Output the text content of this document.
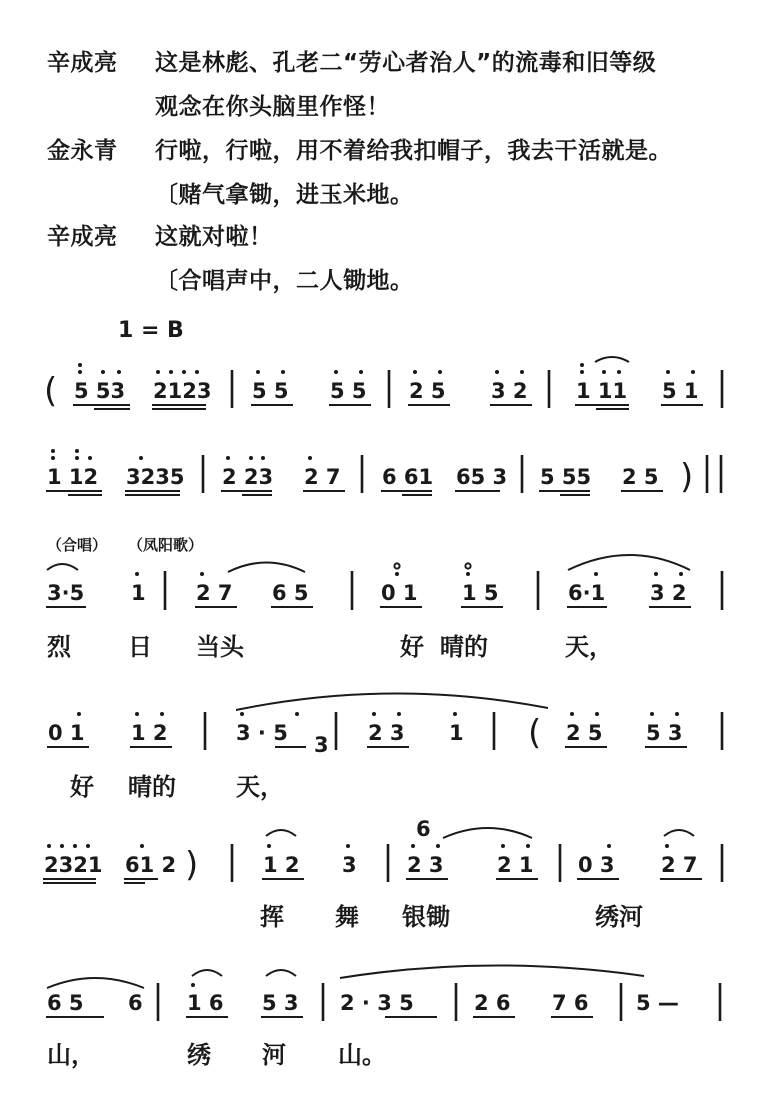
辛成亮 这是林彪、孔老二“劳心者治人”的流毒和旧等级
观念在你头脑里作怪！
金永青 行啦，行啦，用不着给我扣帽子，我去干活就是。
〔赌气拿锄，进玉米地。
辛成亮 这就对啦！
〔合唱声中，二人锄地。
1 = B
( 5 53 2123 5 5 5 5 2 5 3 2 1 11 5 1
1 12 3235 2 23 2 7 6 61 65 3 5 55 2 5 )
（合唱） （凤阳歌）
3·5 1 2 7 6 5	0 1 1 5	6·1 3 2
烈 日 当头	好 晴的	天，
0 1 1 2	3 · 5 3 2 3 1 ( 2 5 5 3
好 晴的	天，
2321 61 2 )	1 2 3
6
2 3	2 1 0 3 2 7
挥 舞 银锄	绣河
6 5 6 1 6 5 3 2 · 3 5	2 6 7 6 5 —
山，	绣 河 山。
